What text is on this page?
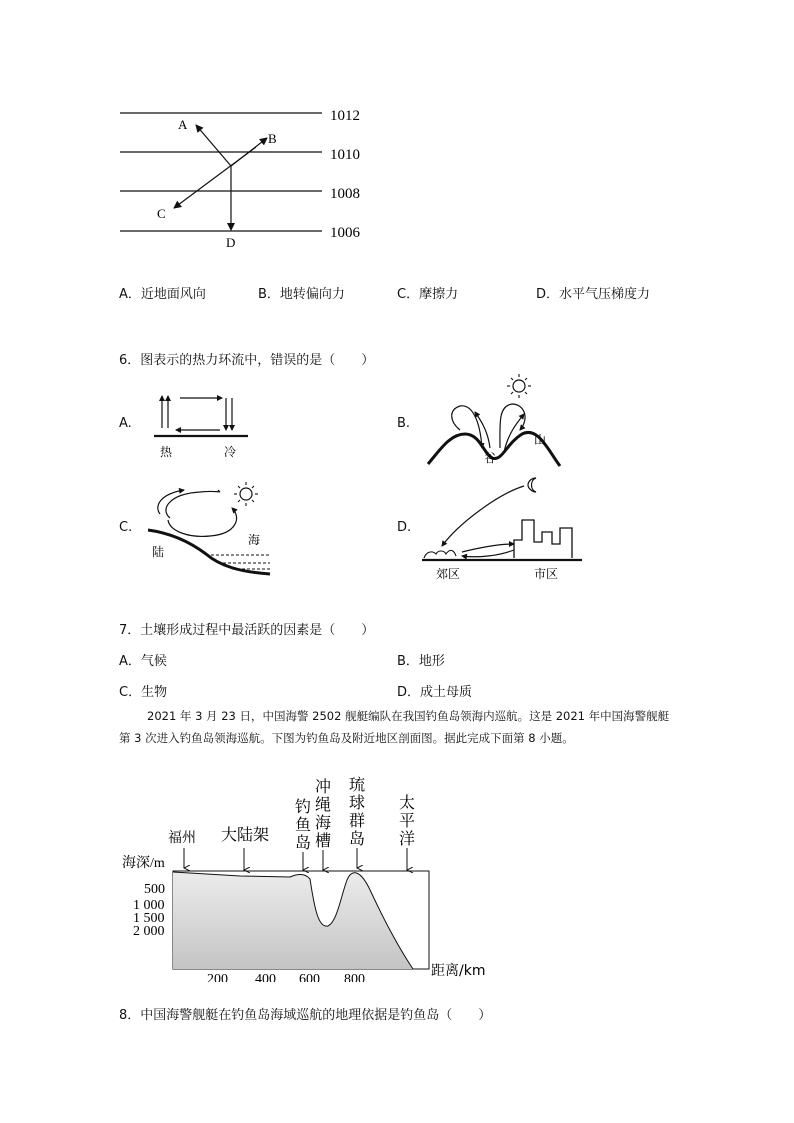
1012
1010
1008
1006
A
B
C
D
A．近地面风向	B．地转偏向力	C．摩擦力	D．水平气压梯度力
6．图表示的热力环流中，错误的是（　　）
A.
热	冷
B.
谷
山
C.
陆
海
D.
郊区	市区
7．土壤形成过程中最活跃的因素是（　　）
A．气候	B．地形
C．生物	D．成土母质
2021 年 3 月 23 日，中国海警 2502 舰艇编队在我国钓鱼岛领海内巡航。这是 2021 年中国海警舰艇第 3 次进入钓鱼岛领海巡航。下图为钓鱼岛及附近地区剖面图。据此完成下面第 8 小题。
海深/m
500
1 000
1 500
2 000
200 400 600 800
距离/km
福州 大陆架
钓
鱼
岛
冲
绳
海
槽
琉
球
群
岛
太
平
洋
8．中国海警舰艇在钓鱼岛海域巡航的地理依据是钓鱼岛（　　）
